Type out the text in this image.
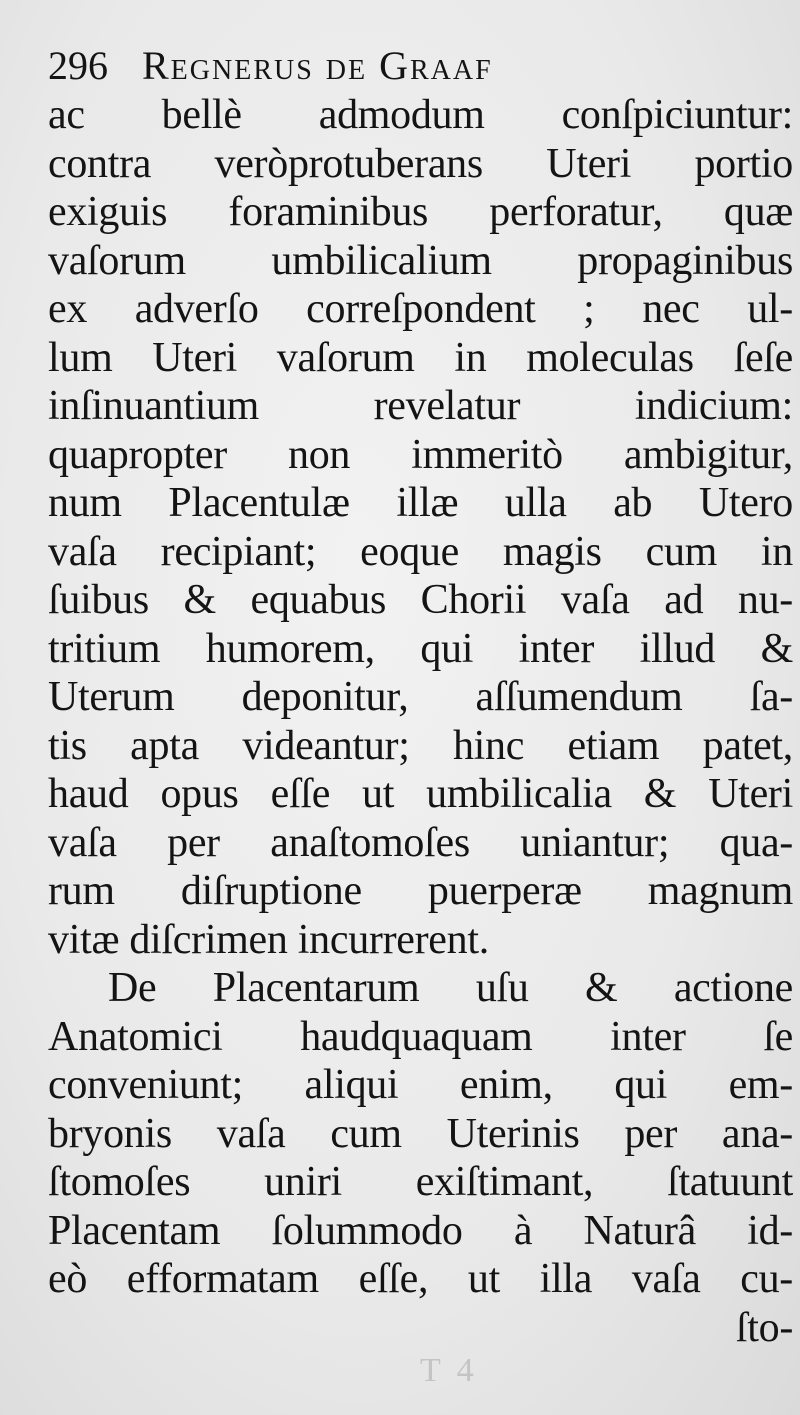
296 Regnerus de Graaf
ac bellè admodum conſpiciuntur:
contra veròprotuberans Uteri portio
exiguis foraminibus perforatur, quæ
vaſorum umbilicalium propaginibus
ex adverſo correſpondent ; nec ul-
lum Uteri vaſorum in moleculas ſeſe
inſinuantium revelatur indicium:
quapropter non immeritò ambigitur,
num Placentulæ illæ ulla ab Utero
vaſa recipiant; eoque magis cum in
ſuibus & equabus Chorii vaſa ad nu-
tritium humorem, qui inter illud &
Uterum deponitur, aſſumendum ſa-
tis apta videantur; hinc etiam patet,
haud opus eſſe ut umbilicalia & Uteri
vaſa per anaſtomoſes uniantur; qua-
rum diſruptione puerperæ magnum
vitæ diſcrimen incurrerent.
De Placentarum uſu & actione
Anatomici haudquaquam inter ſe
conveniunt; aliqui enim, qui em-
bryonis vaſa cum Uterinis per ana-
ſtomoſes uniri exiſtimant, ſtatuunt
Placentam ſolummodo à Naturâ id-
eò efformatam eſſe, ut illa vaſa cu-
ſto-
T 4
